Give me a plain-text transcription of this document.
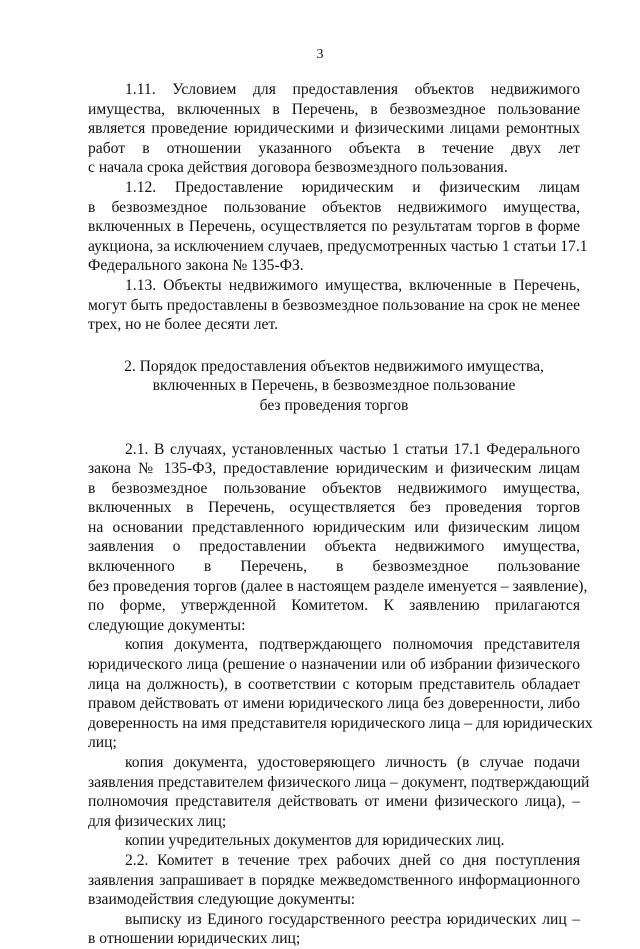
3
1.11. Условием для предоставления объектов недвижимого
имущества, включенных в Перечень, в безвозмездное пользование
является проведение юридическими и физическими лицами ремонтных
работ в отношении указанного объекта в течение двух лет
с начала срока действия договора безвозмездного пользования.
1.12. Предоставление юридическим и физическим лицам
в безвозмездное пользование объектов недвижимого имущества,
включенных в Перечень, осуществляется по результатам торгов в форме
аукциона, за исключением случаев, предусмотренных частью 1 статьи 17.1
Федерального закона № 135-ФЗ.
1.13. Объекты недвижимого имущества, включенные в Перечень,
могут быть предоставлены в безвозмездное пользование на срок не менее
трех, но не более десяти лет.
2. Порядок предоставления объектов недвижимого имущества,
включенных в Перечень, в безвозмездное пользование
без проведения торгов
2.1. В случаях, установленных частью 1 статьи 17.1 Федерального
закона № 135-ФЗ, предоставление юридическим и физическим лицам
в безвозмездное пользование объектов недвижимого имущества,
включенных в Перечень, осуществляется без проведения торгов
на основании представленного юридическим или физическим лицом
заявления о предоставлении объекта недвижимого имущества,
включенного в Перечень, в безвозмездное пользование
без проведения торгов (далее в настоящем разделе именуется – заявление),
по форме, утвержденной Комитетом. К заявлению прилагаются
следующие документы:
копия документа, подтверждающего полномочия представителя
юридического лица (решение о назначении или об избрании физического
лица на должность), в соответствии с которым представитель обладает
правом действовать от имени юридического лица без доверенности, либо
доверенность на имя представителя юридического лица – для юридических
лиц;
копия документа, удостоверяющего личность (в случае подачи
заявления представителем физического лица – документ, подтверждающий
полномочия представителя действовать от имени физического лица), –
для физических лиц;
копии учредительных документов для юридических лиц.
2.2. Комитет в течение трех рабочих дней со дня поступления
заявления запрашивает в порядке межведомственного информационного
взаимодействия следующие документы:
выписку из Единого государственного реестра юридических лиц –
в отношении юридических лиц;
